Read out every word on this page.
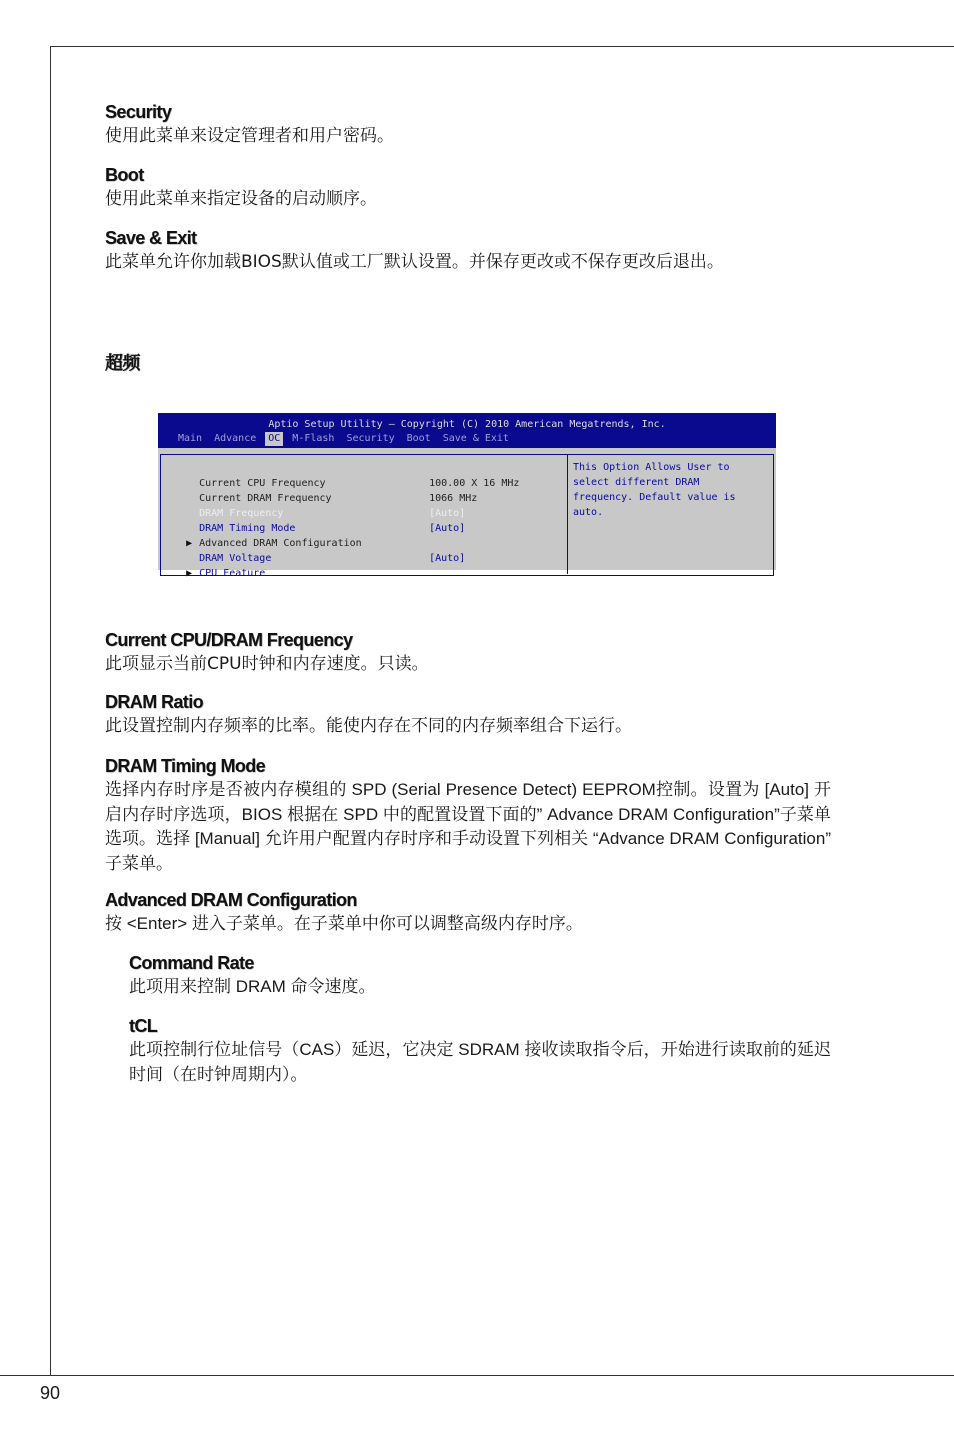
Security
使用此菜单来设定管理者和用户密码。
Boot
使用此菜单来指定设备的启动顺序。
Save & Exit
此菜单允许你加载BIOS默认值或工厂默认设置。并保存更改或不保存更改后退出。
超频
Aptio Setup Utility – Copyright (C) 2010 American Megatrends, Inc.
Main Advance	OC	M-Flash Security Boot Save & Exit

Current CPU Frequency	100.00 X 16 MHz

Current DRAM Frequency	1066 MHz

DRAM Frequency	[Auto]

DRAM Timing Mode	[Auto]

▶ Advanced DRAM Configuration

DRAM Voltage	[Auto]

▶ CPU Feature

This Option Allows User to
select different DRAM
frequency. Default value is
auto.
Current CPU/DRAM Frequency
此项显示当前CPU时钟和内存速度。只读。
DRAM Ratio
此设置控制内存频率的比率。能使内存在不同的内存频率组合下运行。
DRAM Timing Mode
选择内存时序是否被内存模组的 SPD (Serial Presence Detect) EEPROM控制。设置为 [Auto] 开启内存时序选项，BIOS 根据在 SPD 中的配置设置下面的” Advance DRAM Configuration”子菜单选项。选择 [Manual] 允许用户配置内存时序和手动设置下列相关 “Advance DRAM Configuration” 子菜单。
Advanced DRAM Configuration
按 <Enter> 进入子菜单。在子菜单中你可以调整高级内存时序。
Command Rate
此项用来控制 DRAM 命令速度。
tCL
此项控制行位址信号（CAS）延迟，它决定 SDRAM 接收读取指令后，开始进行读取前的延迟时间（在时钟周期内）。
90
